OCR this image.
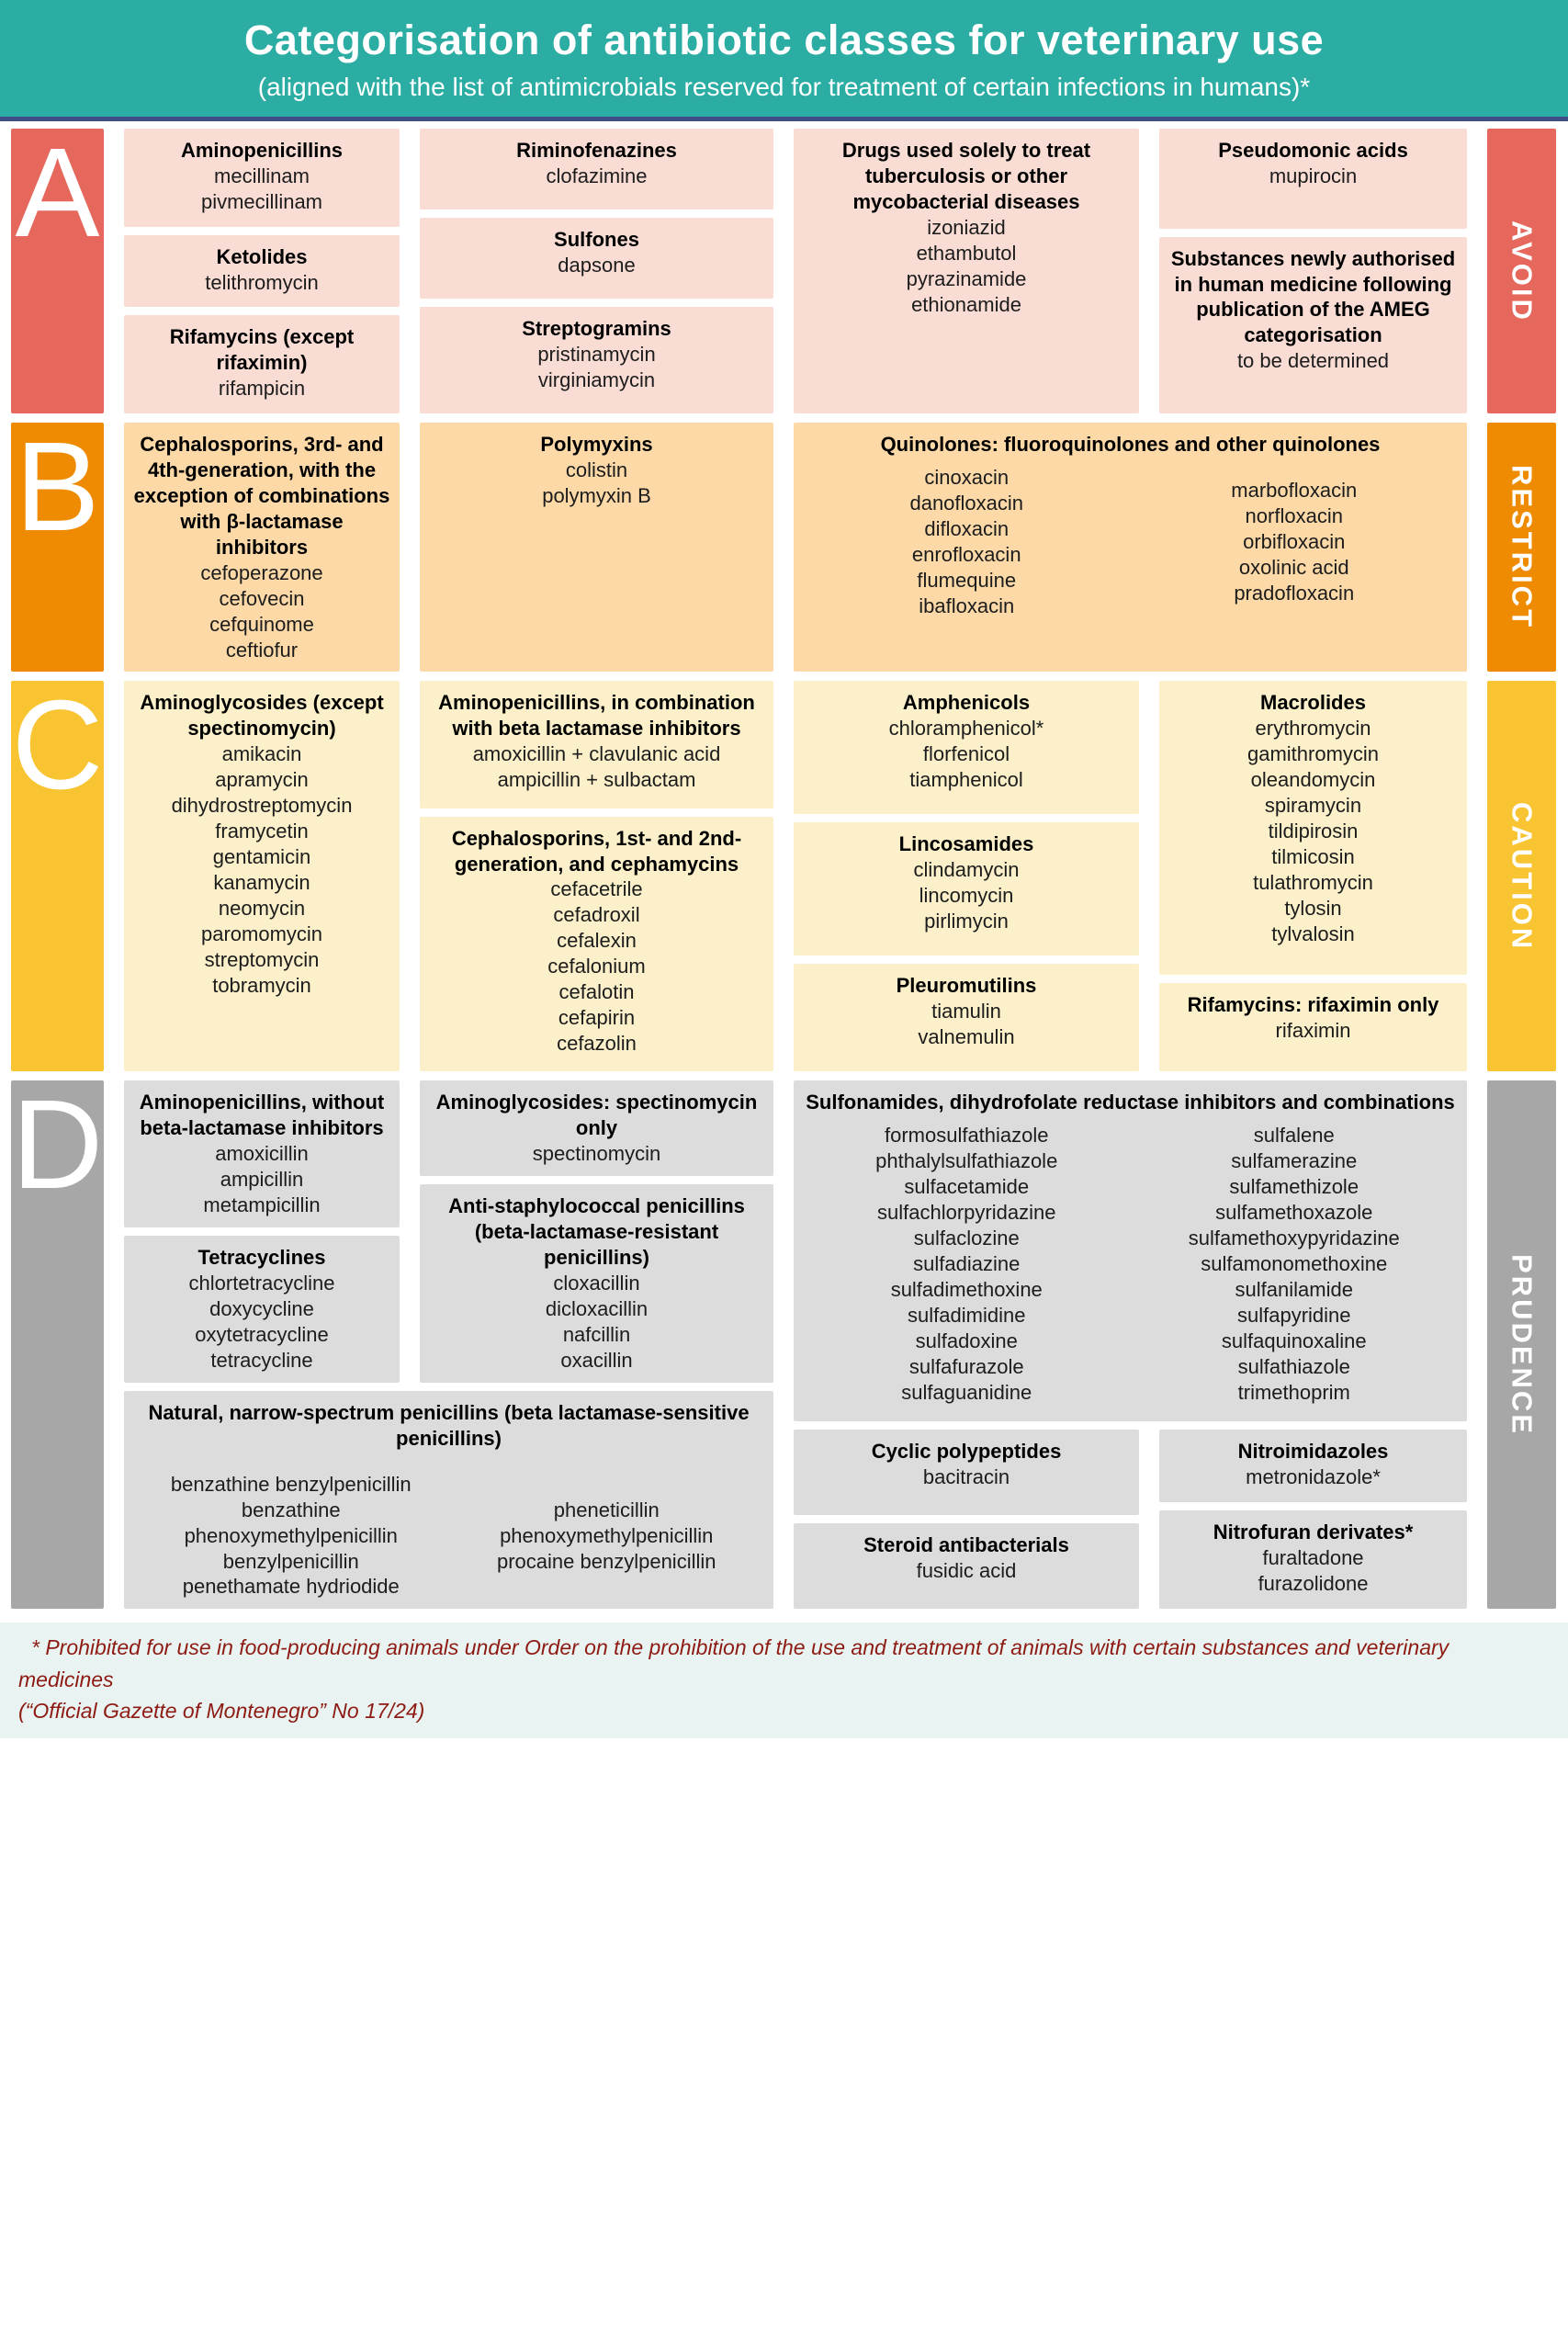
Categorisation of antibiotic classes for veterinary use
(aligned with the list of antimicrobials reserved for treatment of certain infections in humans)*
A	Aminopenicillins
mecillinam
pivmecillinam
Ketolides
telithromycin
Rifamycins (except rifaximin)
rifampicin
Riminofenazines
clofazimine
Sulfones
dapsone
Streptogramins
pristinamycin
virginiamycin
Drugs used solely to treat tuberculosis or other mycobacterial diseases
izoniazid
ethambutol
pyrazinamide
ethionamide
Pseudomonic acids
mupirocin
Substances newly authorised in human medicine following publication of the AMEG categorisation
to be determined
AVOID
B	Cephalosporins, 3rd- and 4th-generation, with the exception of combinations with β-lactamase inhibitors
cefoperazone
cefovecin
cefquinome
ceftiofur
Polymyxins
colistin
polymyxin B
Quinolones: fluoroquinolones and other quinolones
cinoxacin
danofloxacin
difloxacin
enrofloxacin
flumequine
ibafloxacin
marbofloxacin
norfloxacin
orbifloxacin
oxolinic acid
pradofloxacin	RESTRICT
C	Aminoglycosides (except spectinomycin)
amikacin
apramycin
dihydrostreptomycin
framycetin
gentamicin
kanamycin
neomycin
paromomycin
streptomycin
tobramycin
Aminopenicillins, in combination with beta lactamase inhibitors
amoxicillin + clavulanic acid
ampicillin + sulbactam
Cephalosporins, 1st- and 2nd-generation, and cephamycins
cefacetrile
cefadroxil
cefalexin
cefalonium
cefalotin
cefapirin
cefazolin
Amphenicols
chloramphenicol*
florfenicol
tiamphenicol
Lincosamides
clindamycin
lincomycin
pirlimycin
Pleuromutilins
tiamulin
valnemulin
Macrolides
erythromycin
gamithromycin
oleandomycin
spiramycin
tildipirosin
tilmicosin
tulathromycin
tylosin
tylvalosin
Rifamycins: rifaximin only
rifaximin
CAUTION
D	Aminopenicillins, without beta-lactamase inhibitors
amoxicillin
ampicillin
metampicillin
Tetracyclines
chlortetracycline
doxycycline
oxytetracycline
tetracycline
Aminoglycosides: spectinomycin only
spectinomycin
Anti-staphylococcal penicillins (beta-lactamase-resistant penicillins)
cloxacillin
dicloxacillin
nafcillin
oxacillin
Natural, narrow-spectrum penicillins (beta lactamase-sensitive penicillins)
benzathine benzylpenicillin
benzathine phenoxymethylpenicillin
benzylpenicillin
penethamate hydriodide
pheneticillin
phenoxymethylpenicillin
procaine benzylpenicillin
Sulfonamides, dihydrofolate reductase inhibitors and combinations
formosulfathiazole
phthalylsulfathiazole
sulfacetamide
sulfachlorpyridazine
sulfaclozine
sulfadiazine
sulfadimethoxine
sulfadimidine
sulfadoxine
sulfafurazole
sulfaguanidine
sulfalene
sulfamerazine
sulfamethizole
sulfamethoxazole
sulfamethoxypyridazine
sulfamonomethoxine
sulfanilamide
sulfapyridine
sulfaquinoxaline
sulfathiazole
trimethoprim
Cyclic polypeptides
bacitracin
Steroid antibacterials
fusidic acid
Nitroimidazoles
metronidazole*
Nitrofuran derivates*
furaltadone
furazolidone
PRUDENCE
* Prohibited for use in food-producing animals under Order on the prohibition of the use and treatment of animals with certain substances and veterinary medicines
(“Official Gazette of Montenegro” No 17/24)
